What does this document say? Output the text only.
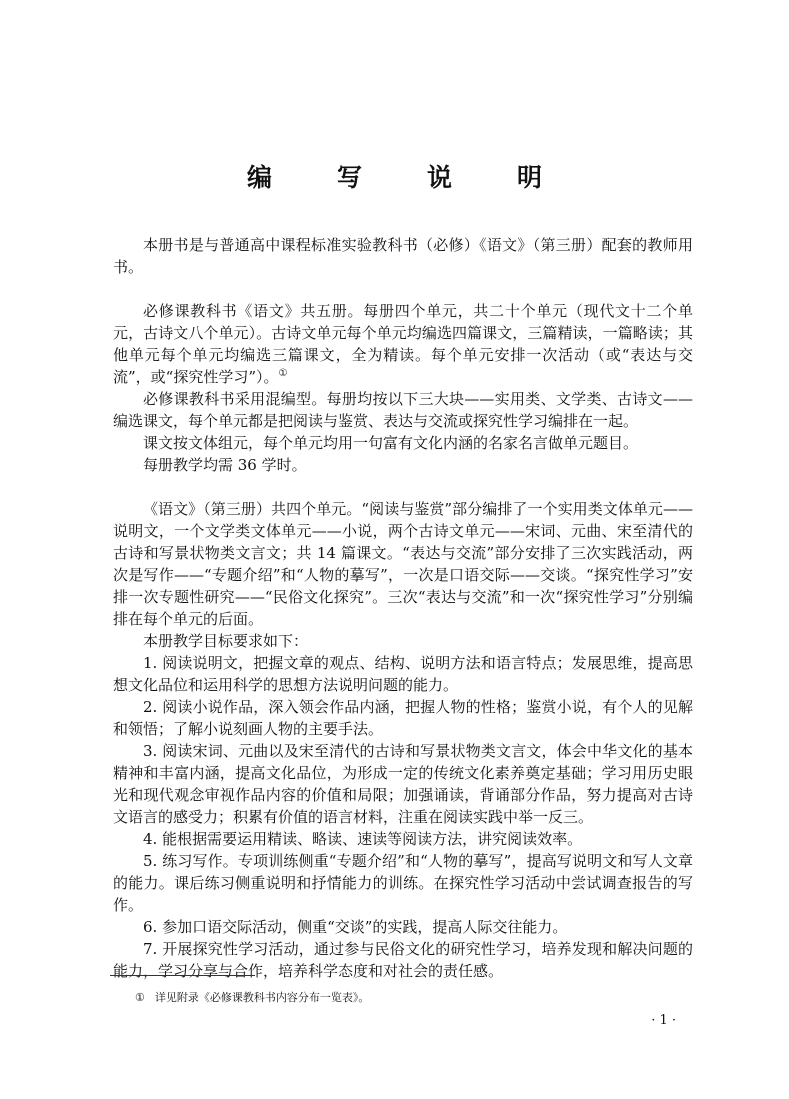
编　写　说　明

本册书是与普通高中课程标准实验教科书（必修）《语文》（第三册）配套的教师用书。

必修课教科书《语文》共五册。每册四个单元，共二十个单元（现代文十二个单元，古诗文八个单元）。古诗文单元每个单元均编选四篇课文，三篇精读，一篇略读；其他单元每个单元均编选三篇课文，全为精读。每个单元安排一次活动（或“表达与交流”，或“探究性学习”）。①

必修课教科书采用混编型。每册均按以下三大块——实用类、文学类、古诗文——编选课文，每个单元都是把阅读与鉴赏、表达与交流或探究性学习编排在一起。

课文按文体组元，每个单元均用一句富有文化内涵的名家名言做单元题目。

每册教学均需 36 学时。

《语文》（第三册）共四个单元。“阅读与鉴赏”部分编排了一个实用类文体单元——说明文，一个文学类文体单元——小说，两个古诗文单元——宋词、元曲、宋至清代的古诗和写景状物类文言文；共 14 篇课文。“表达与交流”部分安排了三次实践活动，两次是写作——“专题介绍”和“人物的摹写”，一次是口语交际——交谈。“探究性学习”安排一次专题性研究——“民俗文化探究”。三次“表达与交流”和一次“探究性学习”分别编排在每个单元的后面。

本册教学目标要求如下：

1. 阅读说明文，把握文章的观点、结构、说明方法和语言特点；发展思维，提高思想文化品位和运用科学的思想方法说明问题的能力。

2. 阅读小说作品，深入领会作品内涵，把握人物的性格；鉴赏小说，有个人的见解和领悟；了解小说刻画人物的主要手法。

3. 阅读宋词、元曲以及宋至清代的古诗和写景状物类文言文，体会中华文化的基本精神和丰富内涵，提高文化品位，为形成一定的传统文化素养奠定基础；学习用历史眼光和现代观念审视作品内容的价值和局限；加强诵读，背诵部分作品，努力提高对古诗文语言的感受力；积累有价值的语言材料，注重在阅读实践中举一反三。

4. 能根据需要运用精读、略读、速读等阅读方法，讲究阅读效率。

5. 练习写作。专项训练侧重“专题介绍”和“人物的摹写”，提高写说明文和写人文章的能力。课后练习侧重说明和抒情能力的训练。在探究性学习活动中尝试调查报告的写作。

6. 参加口语交际活动，侧重“交谈”的实践，提高人际交往能力。

7. 开展探究性学习活动，通过参与民俗文化的研究性学习，培养发现和解决问题的能力，学习分享与合作，培养科学态度和对社会的责任感。

① 详见附录《必修课教科书内容分布一览表》。
· 1 ·
